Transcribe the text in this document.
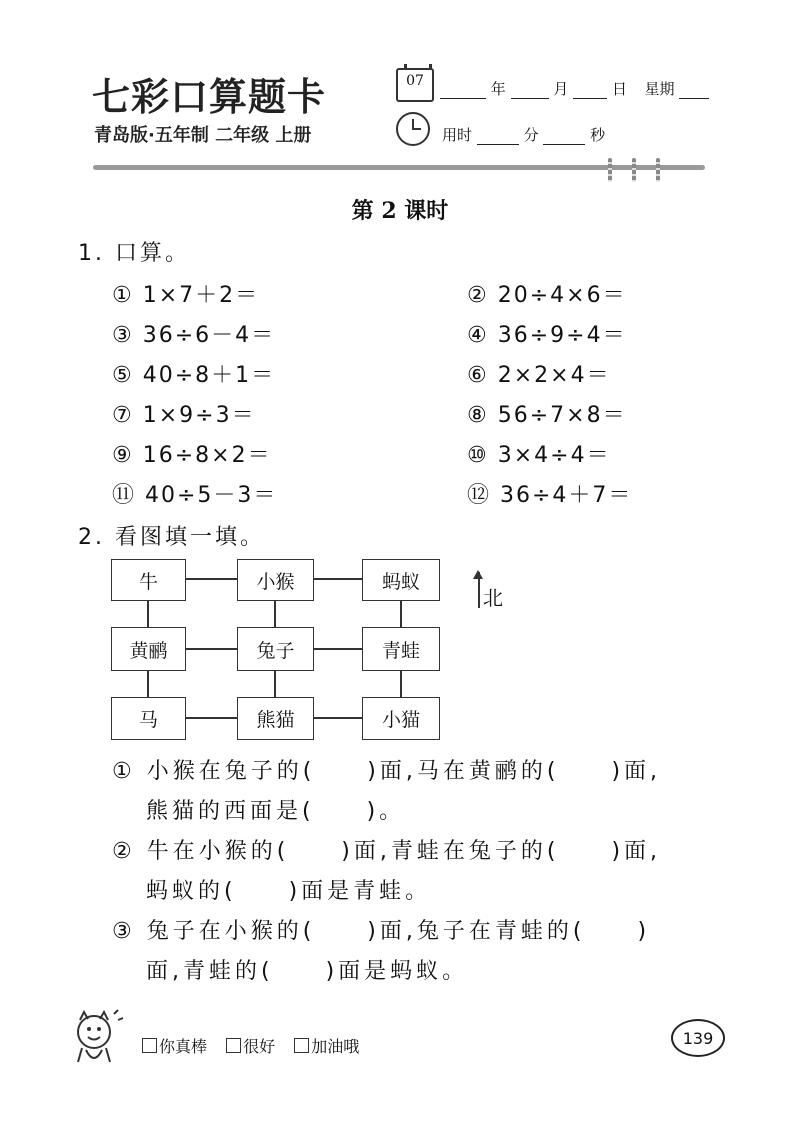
七彩口算题卡
青岛版·五年制 二年级 上册
07	年	月	日 星期
用时	分	秒
第 2 课时
1. 口算。
① 1×7＋2＝	② 20÷4×6＝
③ 36÷6－4＝	④ 36÷9÷4＝
⑤ 40÷8＋1＝	⑥ 2×2×4＝
⑦ 1×9÷3＝	⑧ 56÷7×8＝
⑨ 16÷8×2＝	⑩ 3×4÷4＝
⑪ 40÷5－3＝	⑫ 36÷4＋7＝
2. 看图填一填。
牛	小猴	蚂蚁
黄鹂	兔子	青蛙
马	熊猫	小猫
北
① 小猴在兔子的(　　)面,马在黄鹂的(　　)面,
熊猫的西面是(　　)。
② 牛在小猴的(　　)面,青蛙在兔子的(　　)面,
蚂蚁的(　　)面是青蛙。
③ 兔子在小猴的(　　)面,兔子在青蛙的(　　)
面,青蛙的(　　)面是蚂蚁。
你真棒 很好 加油哦	139
